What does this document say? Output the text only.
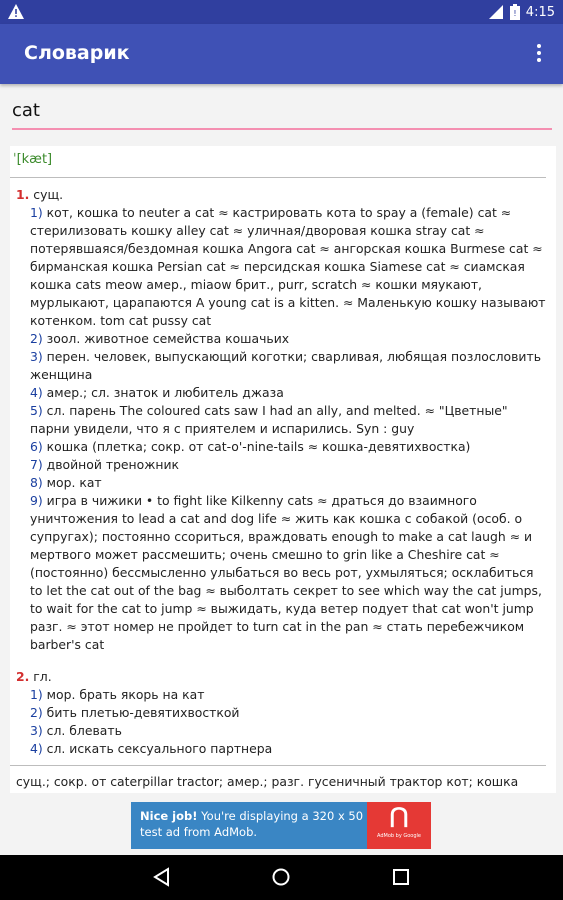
! 4:15
Словарик
cat
ˈ[kæt]

1. сущ.

1) кот, кошка to neuter a cat ≈ кастрировать кота to spay a (female) cat ≈ стерилизовать кошку alley cat ≈ уличная/дворовая кошка stray cat ≈ потерявшаяся/бездомная кошка Angora cat ≈ ангорская кошка Burmese cat ≈ бирманская кошка Persian cat ≈ персидская кошка Siamese cat ≈ сиамская кошка cats meow амер., miaow брит., purr, scratch ≈ кошки мяукают, мурлыкают, царапаются A young cat is a kitten. ≈ Маленькую кошку называют котенком. tom cat pussy cat

2) зоол. животное семейства кошачьих

3) перен. человек, выпускающий коготки; сварливая, любящая позлословить женщина

4) амер.; сл. знаток и любитель джаза

5) сл. парень The coloured cats saw I had an ally, and melted. ≈ "Цветные" парни увидели, что я с приятелем и испарились. Syn : guy

6) кошка (плетка; сокр. от cat-o'-nine-tails ≈ кошка-девятихвостка)

7) двойной треножник

8) мор. кат

9) игра в чижики • to fight like Kilkenny cats ≈ драться до взаимного уничтожения to lead a cat and dog life ≈ жить как кошка с собакой (особ. о супругах); постоянно ссориться, враждовать enough to make a cat laugh ≈ и мертвого может рассмешить; очень смешно to grin like a Cheshire cat ≈ (постоянно) бессмысленно улыбаться во весь рот, ухмыляться; осклабиться to let the cat out of the bag ≈ выболтать секрет to see which way the cat jumps, to wait for the cat to jump ≈ выжидать, куда ветер подует that cat won't jump разг. ≈ этот номер не пройдет to turn cat in the pan ≈ стать перебежчиком barber's cat

2. гл.

1) мор. брать якорь на кат

2) бить плетью-девятихвосткой

3) сл. блевать

4) сл. искать сексуального партнера

сущ.; сокр. от caterpillar tractor; амер.; разг. гусеничный трактор кот; кошка
Nice job! You're displaying a 320 x 50 test ad from AdMob.
⋂
AdMob by Google
